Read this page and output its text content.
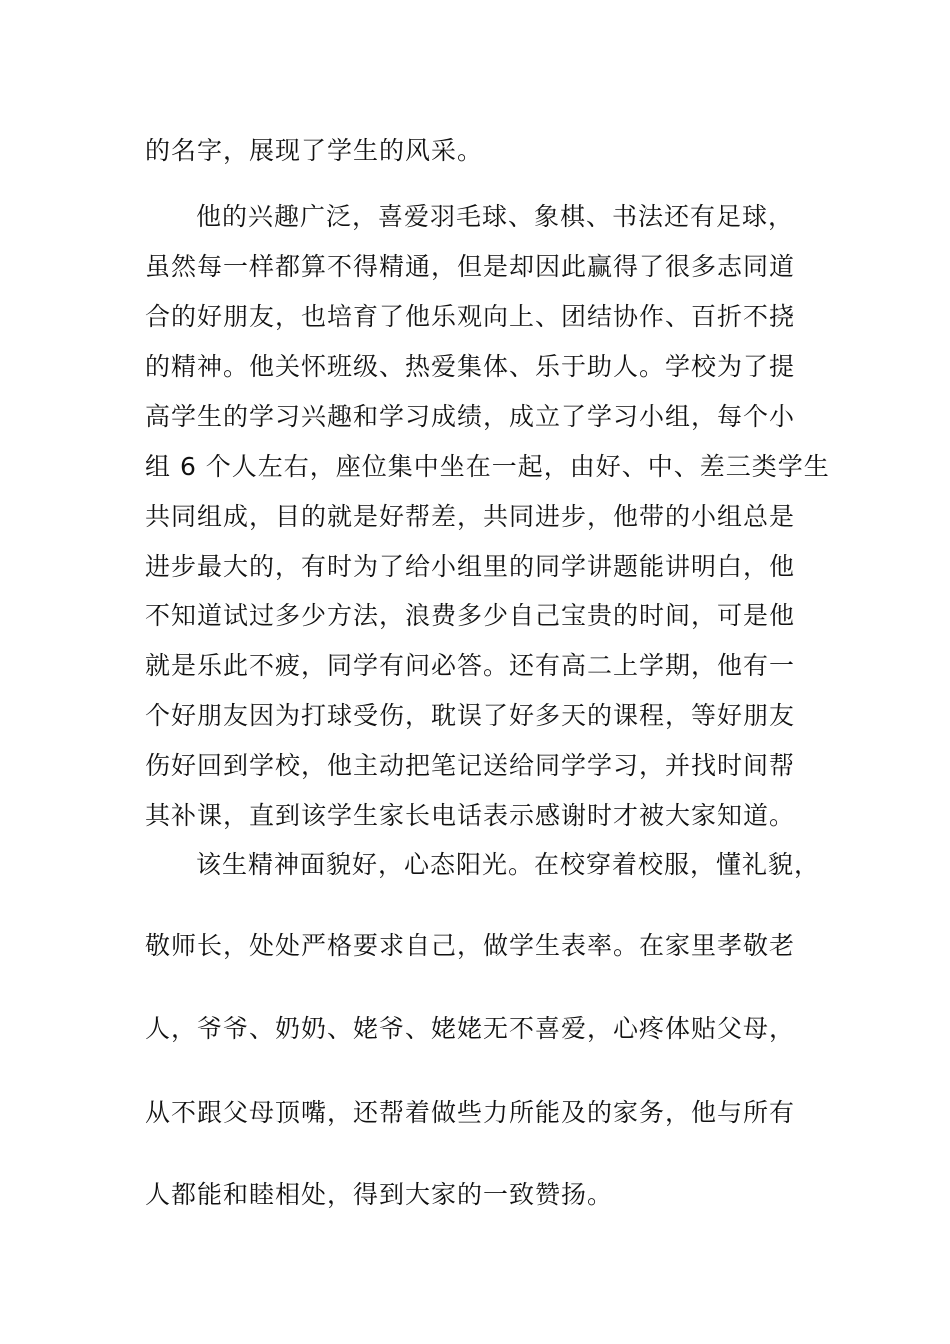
的名字，展现了学生的风采。
他的兴趣广泛，喜爱羽毛球、象棋、书法还有足球，
虽然每一样都算不得精通，但是却因此赢得了很多志同道
合的好朋友，也培育了他乐观向上、团结协作、百折不挠
的精神。他关怀班级、热爱集体、乐于助人。学校为了提
高学生的学习兴趣和学习成绩，成立了学习小组，每个小
组 6 个人左右，座位集中坐在一起，由好、中、差三类学生
共同组成，目的就是好帮差，共同进步，他带的小组总是
进步最大的，有时为了给小组里的同学讲题能讲明白，他
不知道试过多少方法，浪费多少自己宝贵的时间，可是他
就是乐此不疲，同学有问必答。还有高二上学期，他有一
个好朋友因为打球受伤，耽误了好多天的课程，等好朋友
伤好回到学校，他主动把笔记送给同学学习，并找时间帮
其补课，直到该学生家长电话表示感谢时才被大家知道。
该生精神面貌好，心态阳光。在校穿着校服，懂礼貌，
敬师长，处处严格要求自己，做学生表率。在家里孝敬老
人，爷爷、奶奶、姥爷、姥姥无不喜爱，心疼体贴父母，
从不跟父母顶嘴，还帮着做些力所能及的家务，他与所有
人都能和睦相处，得到大家的一致赞扬。
